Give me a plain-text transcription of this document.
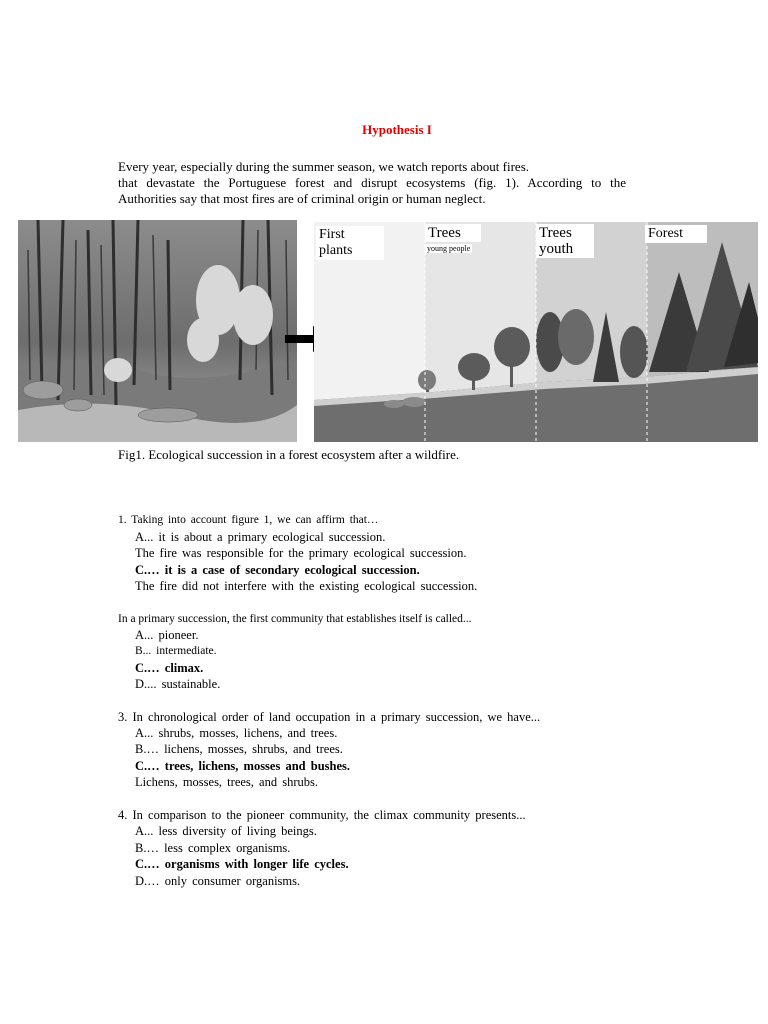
Hypothesis I
Every year, especially during the summer season, we watch reports about fires.
that devastate the Portuguese forest and disrupt ecosystems (fig. 1). According to the
Authorities say that most fires are of criminal origin or human neglect.
First
plants
Trees
young people
Trees
youth
Forest
Fig1. Ecological succession in a forest ecosystem after a wildfire.
1. Taking into account figure 1, we can affirm that…
A... it is about a primary ecological succession.
The fire was responsible for the primary ecological succession.
C.… it is a case of secondary ecological succession.
The fire did not interfere with the existing ecological succession.
In a primary succession, the first community that establishes itself is called...
A... pioneer.
B... intermediate.
C.… climax.
D.... sustainable.
3. In chronological order of land occupation in a primary succession, we have...
A... shrubs, mosses, lichens, and trees.
B.… lichens, mosses, shrubs, and trees.
C.… trees, lichens, mosses and bushes.
Lichens, mosses, trees, and shrubs.
4. In comparison to the pioneer community, the climax community presents...
A... less diversity of living beings.
B.… less complex organisms.
C.… organisms with longer life cycles.
D.… only consumer organisms.
